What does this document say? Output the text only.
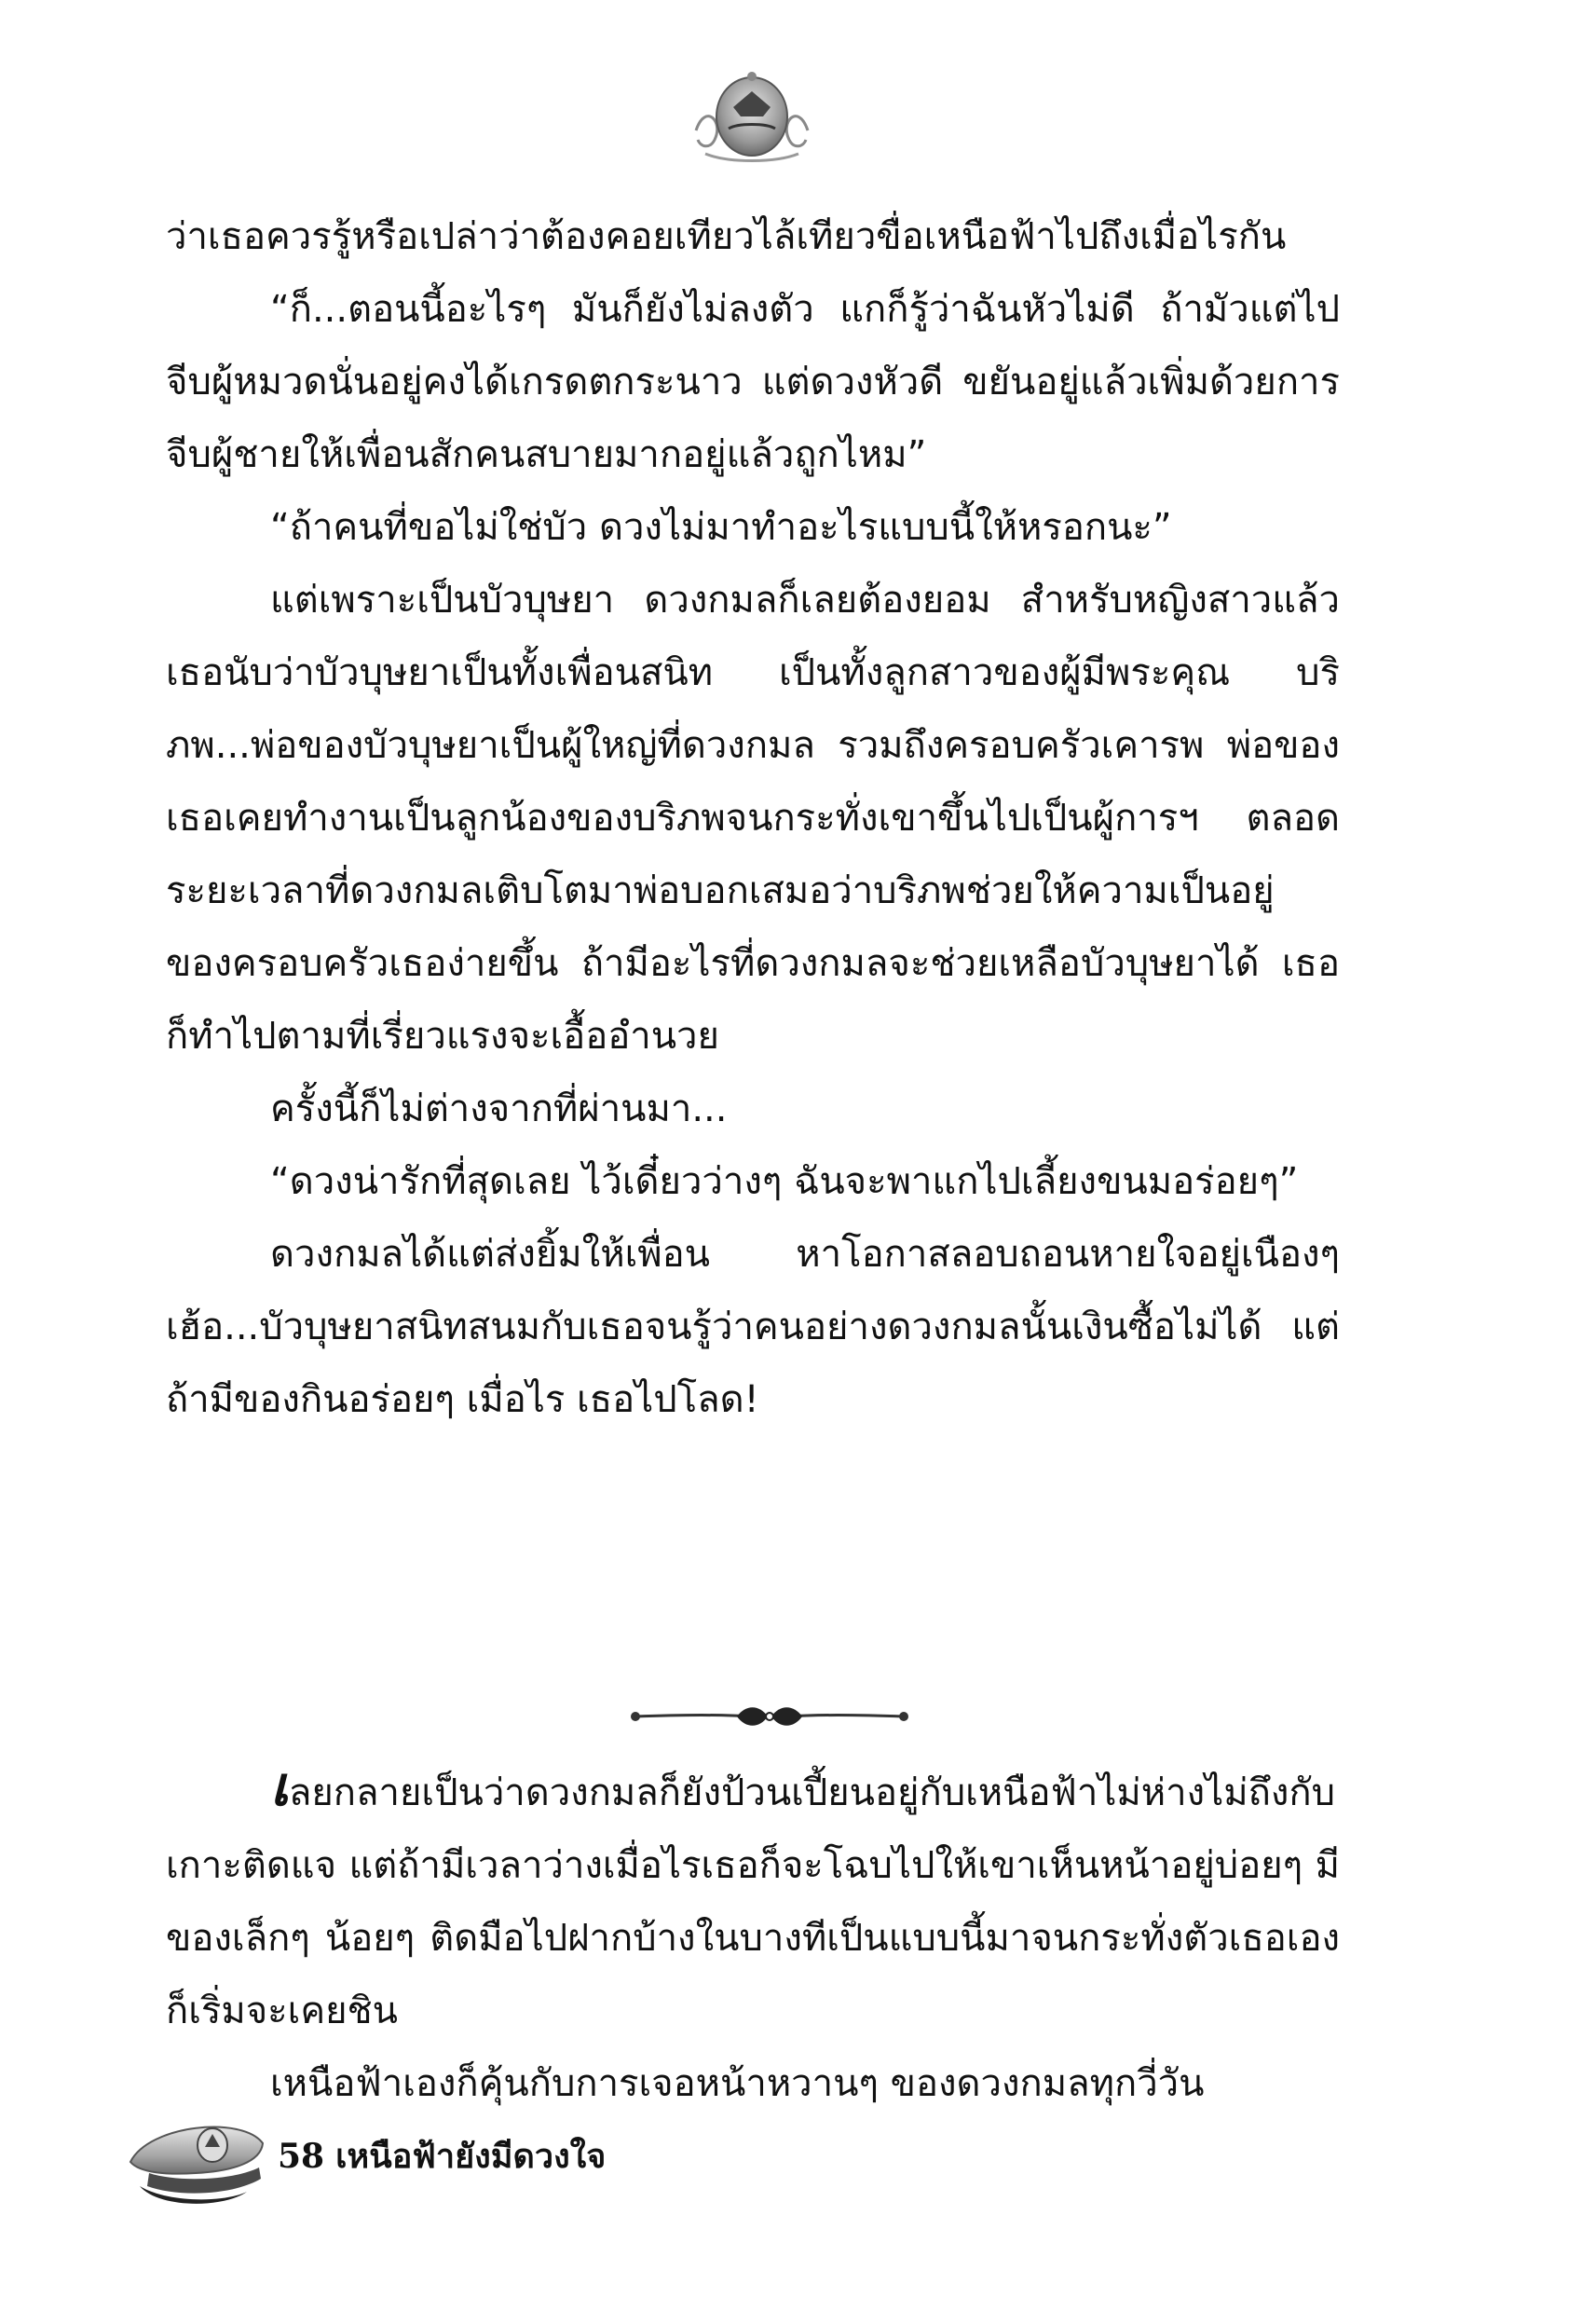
ว่าเธอควรรู้หรือเปล่าว่าต้องคอยเทียวไล้เทียวขื่อเหนือฟ้าไปถึงเมื่อไรกัน

“ก็...ตอนนี้อะไรๆ มันก็ยังไม่ลงตัว แกก็รู้ว่าฉันหัวไม่ดี ถ้ามัวแต่ไปจีบผู้หมวดนั่นอยู่คงได้เกรดตกระนาว แต่ดวงหัวดี ขยันอยู่แล้วเพิ่มด้วยการจีบผู้ชายให้เพื่อนสักคนสบายมากอยู่แล้วถูกไหม”

“ถ้าคนที่ขอไม่ใช่บัว ดวงไม่มาทำอะไรแบบนี้ให้หรอกนะ”

แต่เพราะเป็นบัวบุษยา ดวงกมลก็เลยต้องยอม สำหรับหญิงสาวแล้ว เธอนับว่าบัวบุษยาเป็นทั้งเพื่อนสนิท เป็นทั้งลูกสาวของผู้มีพระคุณ บริภพ...พ่อของบัวบุษยาเป็นผู้ใหญ่ที่ดวงกมล รวมถึงครอบครัวเคารพ พ่อของเธอเคยทำงานเป็นลูกน้องของบริภพจนกระทั่งเขาขึ้นไปเป็นผู้การฯ ตลอดระยะเวลาที่ดวงกมลเติบโตมาพ่อบอกเสมอว่าบริภพช่วยให้ความเป็นอยู่ของครอบครัวเธอง่ายขึ้น ถ้ามีอะไรที่ดวงกมลจะช่วยเหลือบัวบุษยาได้ เธอก็ทำไปตามที่เรี่ยวแรงจะเอื้ออำนวย

ครั้งนี้ก็ไม่ต่างจากที่ผ่านมา...

“ดวงน่ารักที่สุดเลย ไว้เดี๋ยวว่างๆ ฉันจะพาแกไปเลี้ยงขนมอร่อยๆ”

ดวงกมลได้แต่ส่งยิ้มให้เพื่อน หาโอกาสลอบถอนหายใจอยู่เนืองๆ เฮ้อ...บัวบุษยาสนิทสนมกับเธอจนรู้ว่าคนอย่างดวงกมลนั้นเงินซื้อไม่ได้ แต่ถ้ามีของกินอร่อยๆ เมื่อไร เธอไปโลด!

เลยกลายเป็นว่าดวงกมลก็ยังป้วนเปี้ยนอยู่กับเหนือฟ้าไม่ห่างไม่ถึงกับเกาะติดแจ แต่ถ้ามีเวลาว่างเมื่อไรเธอก็จะโฉบไปให้เขาเห็นหน้าอยู่บ่อยๆ มีของเล็กๆ น้อยๆ ติดมือไปฝากบ้างในบางทีเป็นแบบนี้มาจนกระทั่งตัวเธอเองก็เริ่มจะเคยชิน

เหนือฟ้าเองก็คุ้นกับการเจอหน้าหวานๆ ของดวงกมลทุกวี่วัน

58 เหนือฟ้ายังมีดวงใจ
